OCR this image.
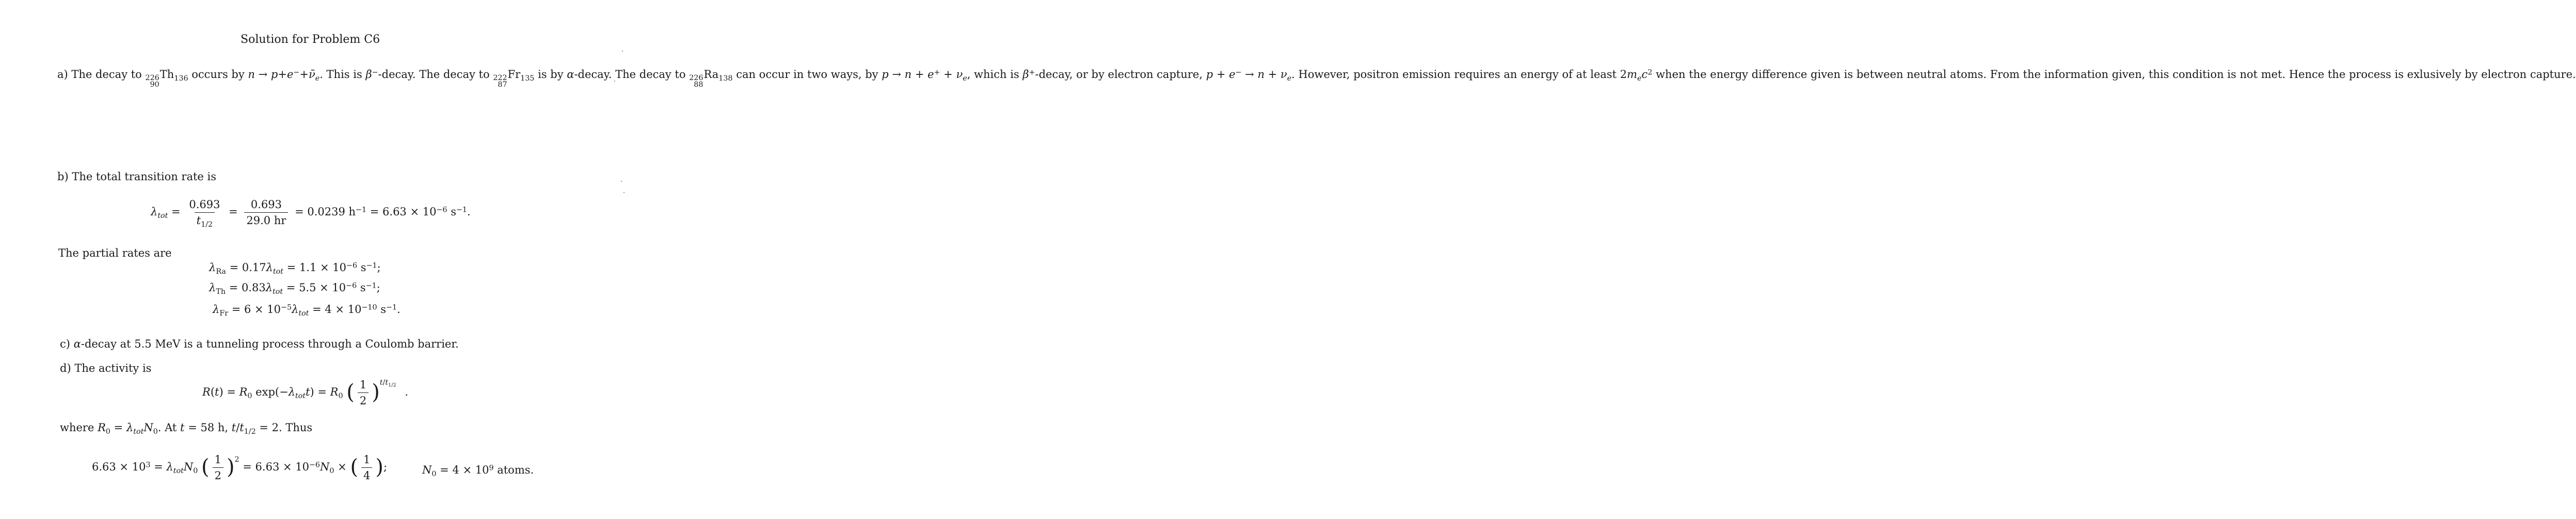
Solution for Problem C6
a) The decay to 226
90
$Th_{136}$ occurs by $n \to p+e^-+\nū_e$. This is β−-decay. The decay to 222
87
$Fr_{135}$ is by α-decay. The decay to 226
88
$Ra_{138}$ can occur in two ways, by $p \to n + e^+ + \nu_e$, which is β+-decay, or by electron capture, $p + e^- \to n + \nu_e$. However, positron emission requires an energy of at least $2m_ec^2$ when the energy difference given is between neutral atoms. From the information given, this condition is not met. Hence the process is exlusively by electron capture.
b) The total transition rate is
$\lambda_{tot} = \frac{0.693}{t_{1/2}} = \frac{0.693}{29.0 hr} = 0.0239$ $h^{-1} = 6.63 \times 10^{-6}$ $s^{-1}$.
The partial rates are
$\lambda_{Ra} = 0.17\lambda_{tot} = 1.1 \times 10^{-6}$ $s^{-1}$;
$\lambda_{Th} = 0.83\lambda_{tot} = 5.5 \times 10^{-6}$ $s^{-1}$;
$\lambda_{Fr} = 6 \times 10^{-5}\lambda_{tot} = 4 \times 10^{-10}$ $s^{-1}$.
c) α-decay at 5.5 MeV is a tunneling process through a Coulomb barrier.
d) The activity is
$R(t) = R_0$ $\exp(-\lambda_{tot}t) = R_0$ ( $\frac{1}{2} )^{t/t_{1/2}}$ .
where $R_0 = \lambda_{tot}N_0$. At t = 58 h, $t/t_{1/2} = 2$. Thus
$6.63 \times 10^3 = \lambda_{tot}N_0$ ( $\frac{1}{2} )^2 = 6.63 \times 10^{-6}N_0$ × ( $\frac{1}{4}$ );	$N_0 = 4 \times 10^9$ atoms.
